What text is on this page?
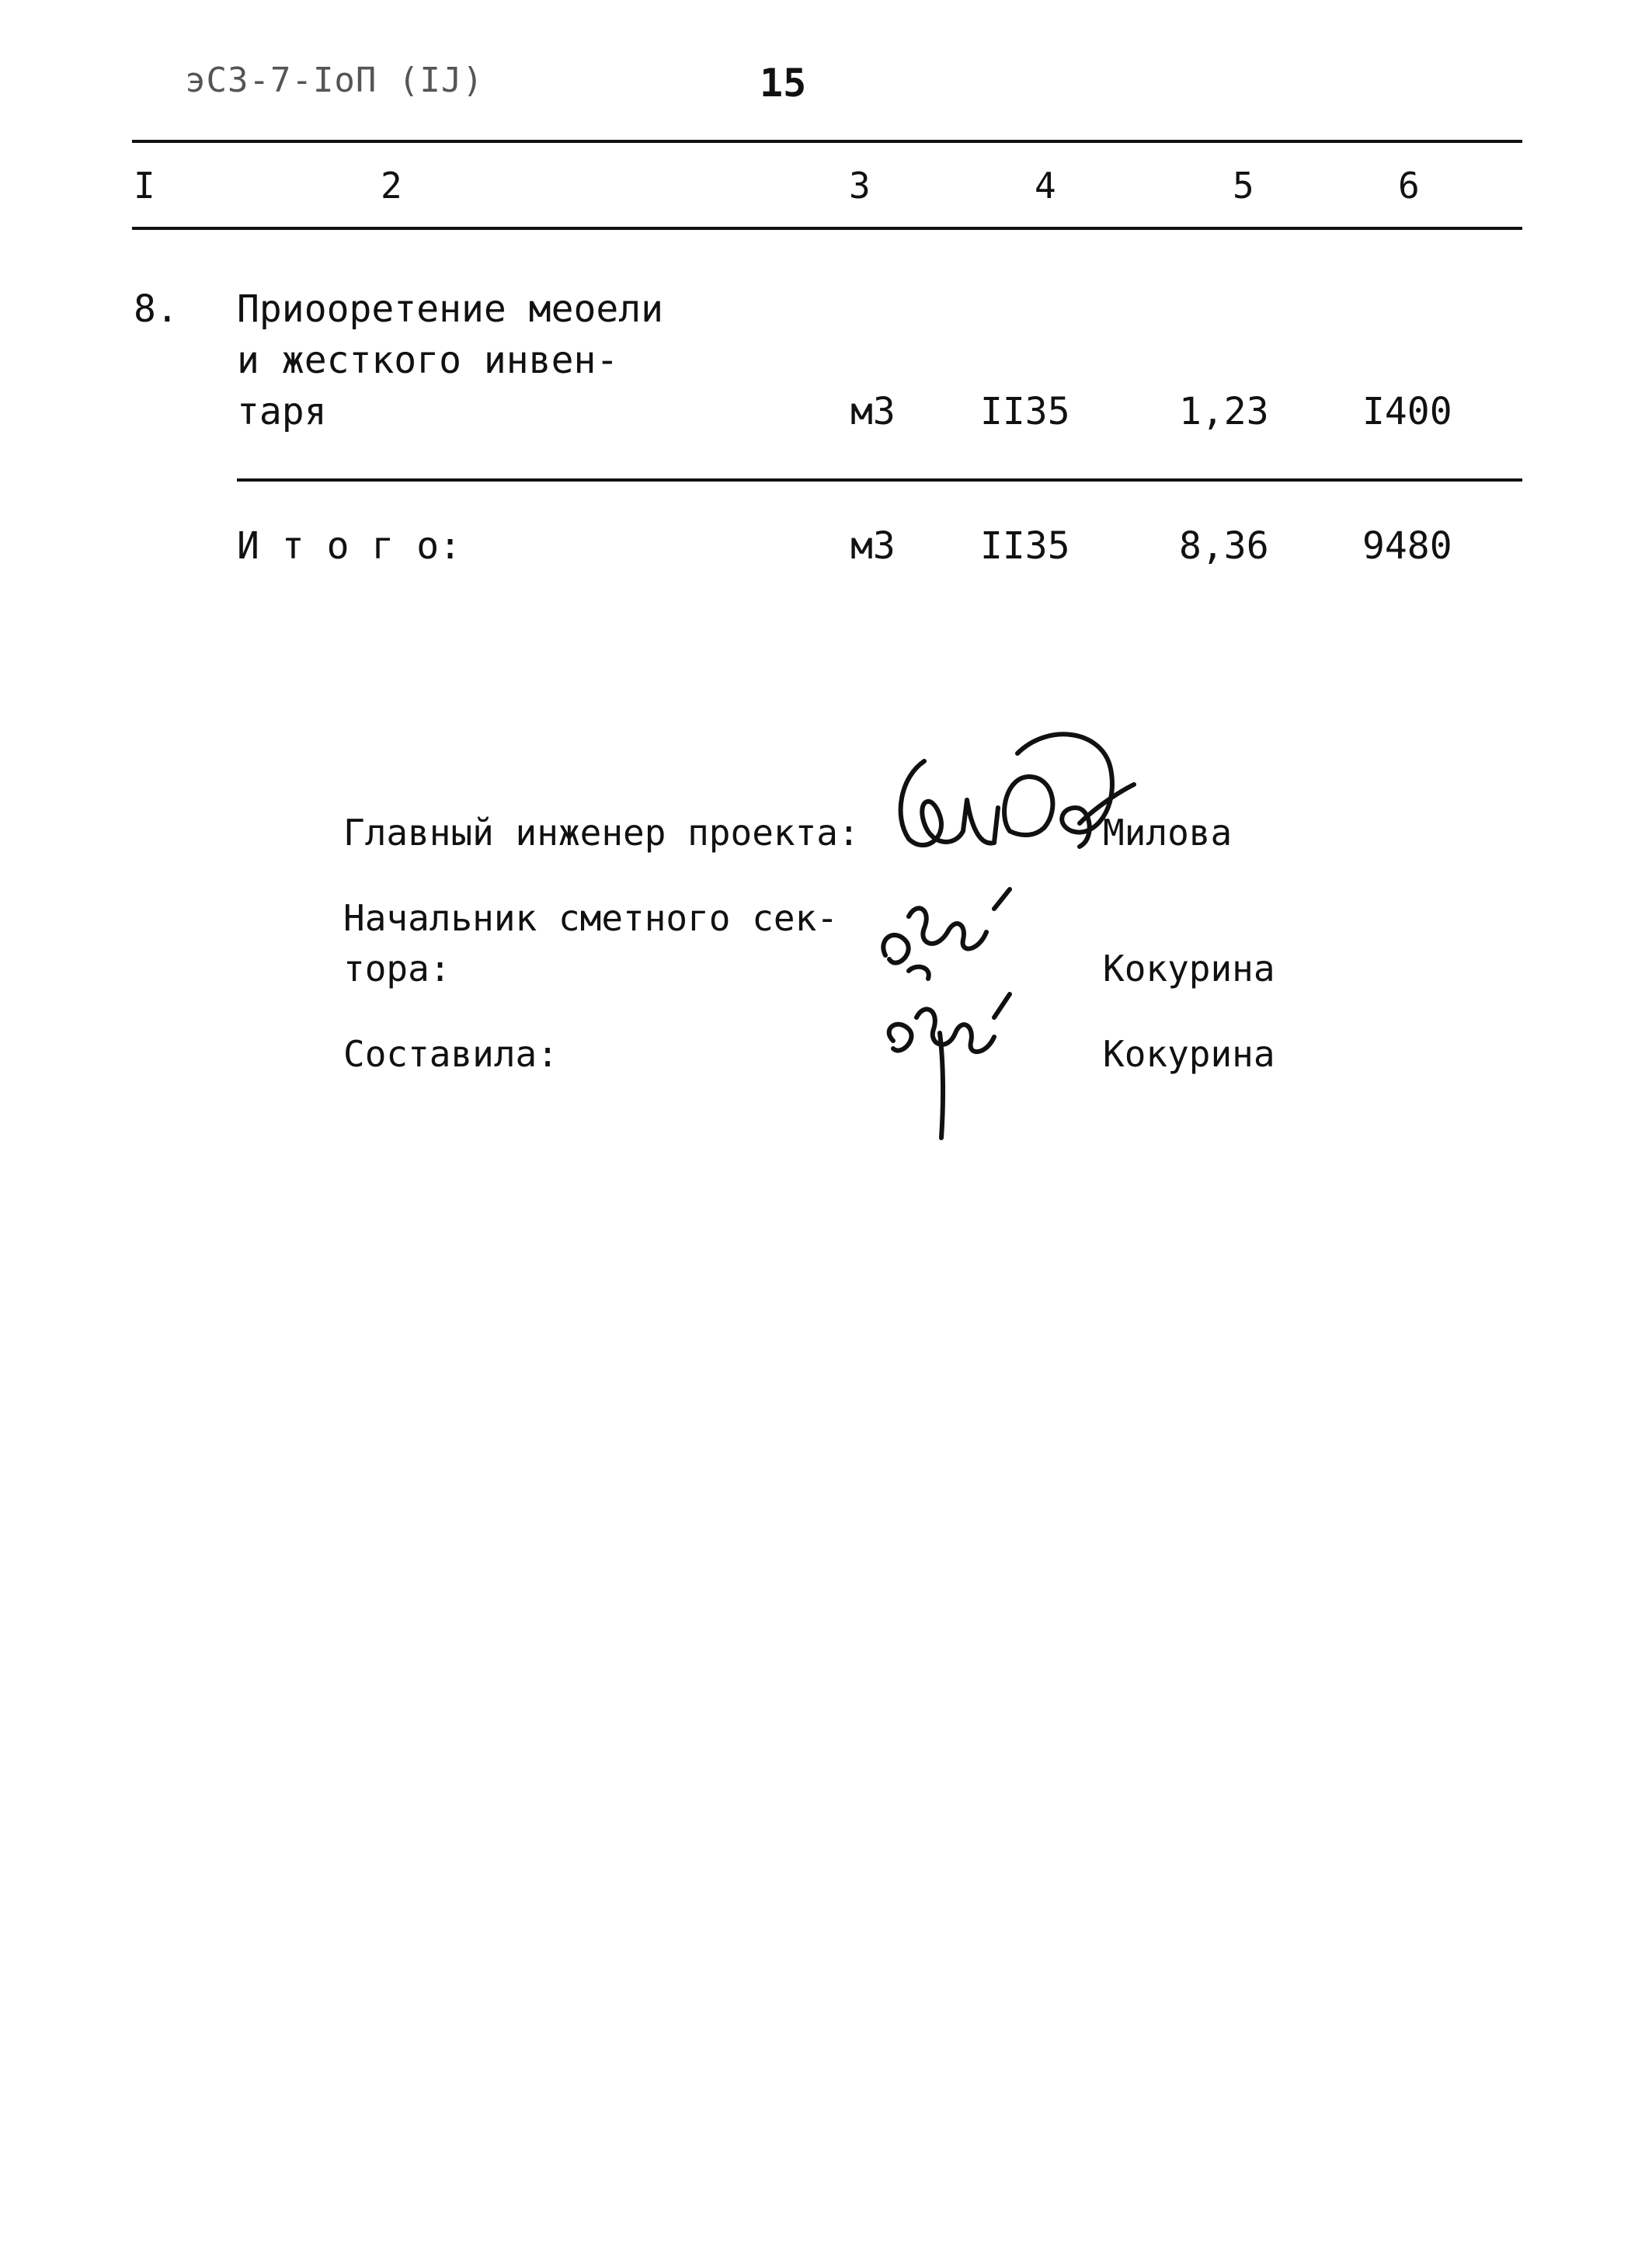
эС3-7-ІоП (ІЈ)	15
I	2	3	4	5	6
8. Приоoретение мeoeли
и жесткого инвен-
таря	м3 II35	1,23	I400
И т о г о:	м3 II35	8,36	9480
Главный инженер проекта:	Милова
Начальник сметного сек-
тора:	Кокурина
Составила:	Кокурина
